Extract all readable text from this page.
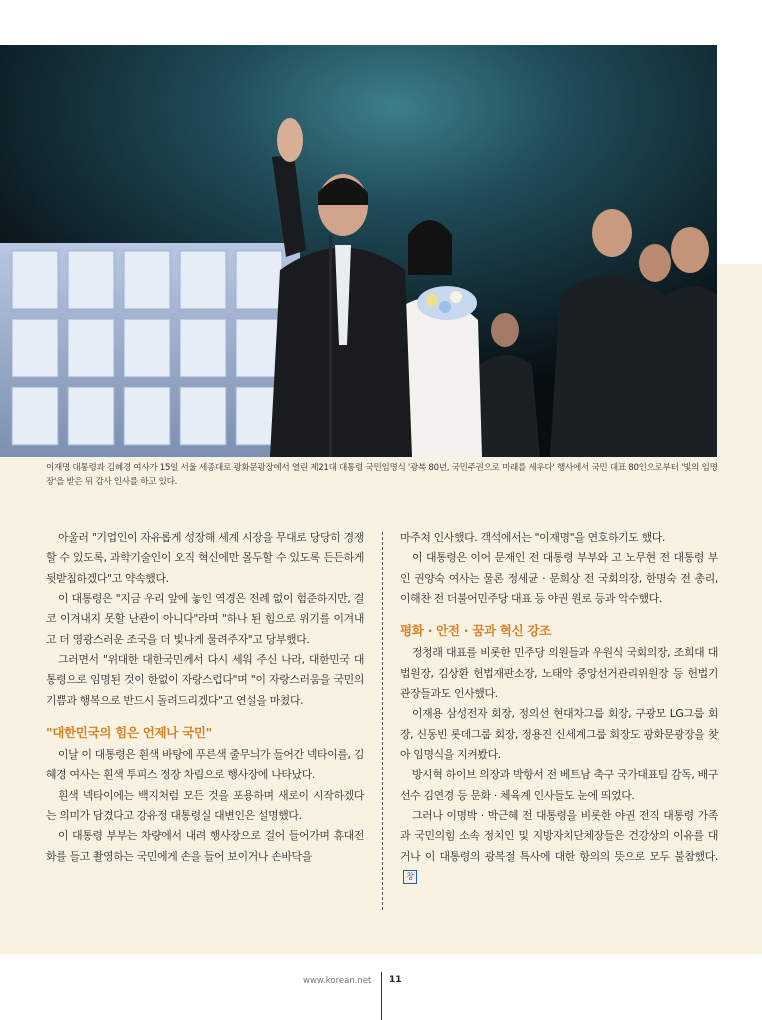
이재명 대통령과 김혜경 여사가 15일 서울 세종대로 광화문광장에서 열린 제21대 대통령 국민임명식 '광복 80년, 국민주권으로 미래를 세우다' 행사에서 국민 대표 80인으로부터 '빛의 임명장'을 받은 뒤 감사 인사를 하고 있다.

아울러 "기업인이 자유롭게 성장해 세계 시장을 무대로 당당히 경쟁할 수 있도록, 과학기술인이 오직 혁신에만 몰두할 수 있도록 든든하게 뒷받침하겠다"고 약속했다.

이 대통령은 "지금 우리 앞에 놓인 역경은 전례 없이 험준하지만, 결코 이겨내지 못할 난관이 아니다"라며 "하나 된 힘으로 위기를 이겨내고 더 영광스러운 조국을 더 빛나게 물려주자"고 당부했다.

그러면서 "위대한 대한국민께서 다시 세워 주신 나라, 대한민국 대통령으로 임명된 것이 한없이 자랑스럽다"며 "이 자랑스러움을 국민의 기쁨과 행복으로 반드시 돌려드리겠다"고 연설을 마쳤다.

"대한민국의 힘은 언제나 국민"

이날 이 대통령은 흰색 바탕에 푸른색 줄무늬가 들어간 넥타이를, 김혜경 여사는 흰색 투피스 정장 차림으로 행사장에 나타났다.

흰색 넥타이에는 백지처럼 모든 것을 포용하며 새로이 시작하겠다는 의미가 담겼다고 강유정 대통령실 대변인은 설명했다.

이 대통령 부부는 차량에서 내려 행사장으로 걸어 들어가며 휴대전화를 들고 촬영하는 국민에게 손을 들어 보이거나 손바닥을

마주쳐 인사했다. 객석에서는 "이재명"을 연호하기도 했다.

이 대통령은 이어 문재인 전 대통령 부부와 고 노무현 전 대통령 부인 권양숙 여사는 물론 정세균 · 문희상 전 국회의장, 한명숙 전 총리, 이해찬 전 더불어민주당 대표 등 야권 원로 등과 악수했다.

평화 · 안전 · 꿈과 혁신 강조

정청래 대표를 비롯한 민주당 의원들과 우원식 국회의장, 조희대 대법원장, 김상환 헌법재판소장, 노태악 중앙선거관리위원장 등 헌법기관장들과도 인사했다.

이재용 삼성전자 회장, 정의선 현대차그룹 회장, 구광모 LG그룹 회장, 신동빈 롯데그룹 회장, 정용진 신세계그룹 회장도 광화문광장을 찾아 임명식을 지켜봤다.

방시혁 하이브 의장과 박항서 전 베트남 축구 국가대표팀 감독, 배구선수 김연경 등 문화 · 체육계 인사들도 눈에 띄었다.

그러나 이명박 · 박근혜 전 대통령을 비롯한 야권 전직 대통령 가족과 국민의힘 소속 정치인 및 지방자치단체장들은 건강상의 이유를 대거나 이 대통령의 광복절 특사에 대한 항의의 뜻으로 모두 불참했다.창

www.korean.net 11
